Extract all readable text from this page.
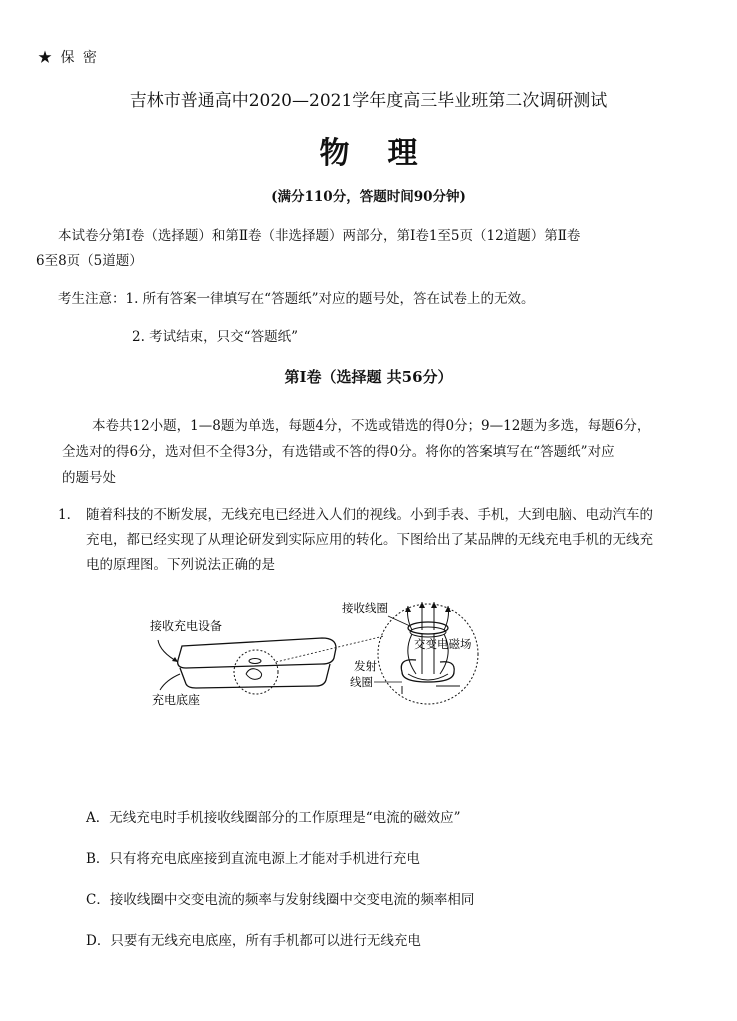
★ 保 密
吉林市普通高中2020—2021学年度高三毕业班第二次调研测试
物理
(满分110分，答题时间90分钟)
本试卷分第Ⅰ卷（选择题）和第Ⅱ卷（非选择题）两部分，第Ⅰ卷1至5页（12道题）第Ⅱ卷
6至8页（5道题）
考生注意：1. 所有答案一律填写在“答题纸”对应的题号处，答在试卷上的无效。
2. 考试结束，只交“答题纸”
第Ⅰ卷（选择题 共56分）
本卷共12小题，1—8题为单选，每题4分，不选或错选的得0分；9—12题为多选，每题6分，
全选对的得6分，选对但不全得3分，有选错或不答的得0分。将你的答案填写在“答题纸”对应
的题号处
1． 随着科技的不断发展，无线充电已经进入人们的视线。小到手表、手机，大到电脑、电动汽车的
充电，都已经实现了从理论研发到实际应用的转化。下图给出了某品牌的无线充电手机的无线充
电的原理图。下列说法正确的是
接收充电设备
充电底座
接收线圈
交变电磁场
发射
线圈
A．无线充电时手机接收线圈部分的工作原理是“电流的磁效应”
B．只有将充电底座接到直流电源上才能对手机进行充电
C．接收线圈中交变电流的频率与发射线圈中交变电流的频率相同
D．只要有无线充电底座，所有手机都可以进行无线充电
